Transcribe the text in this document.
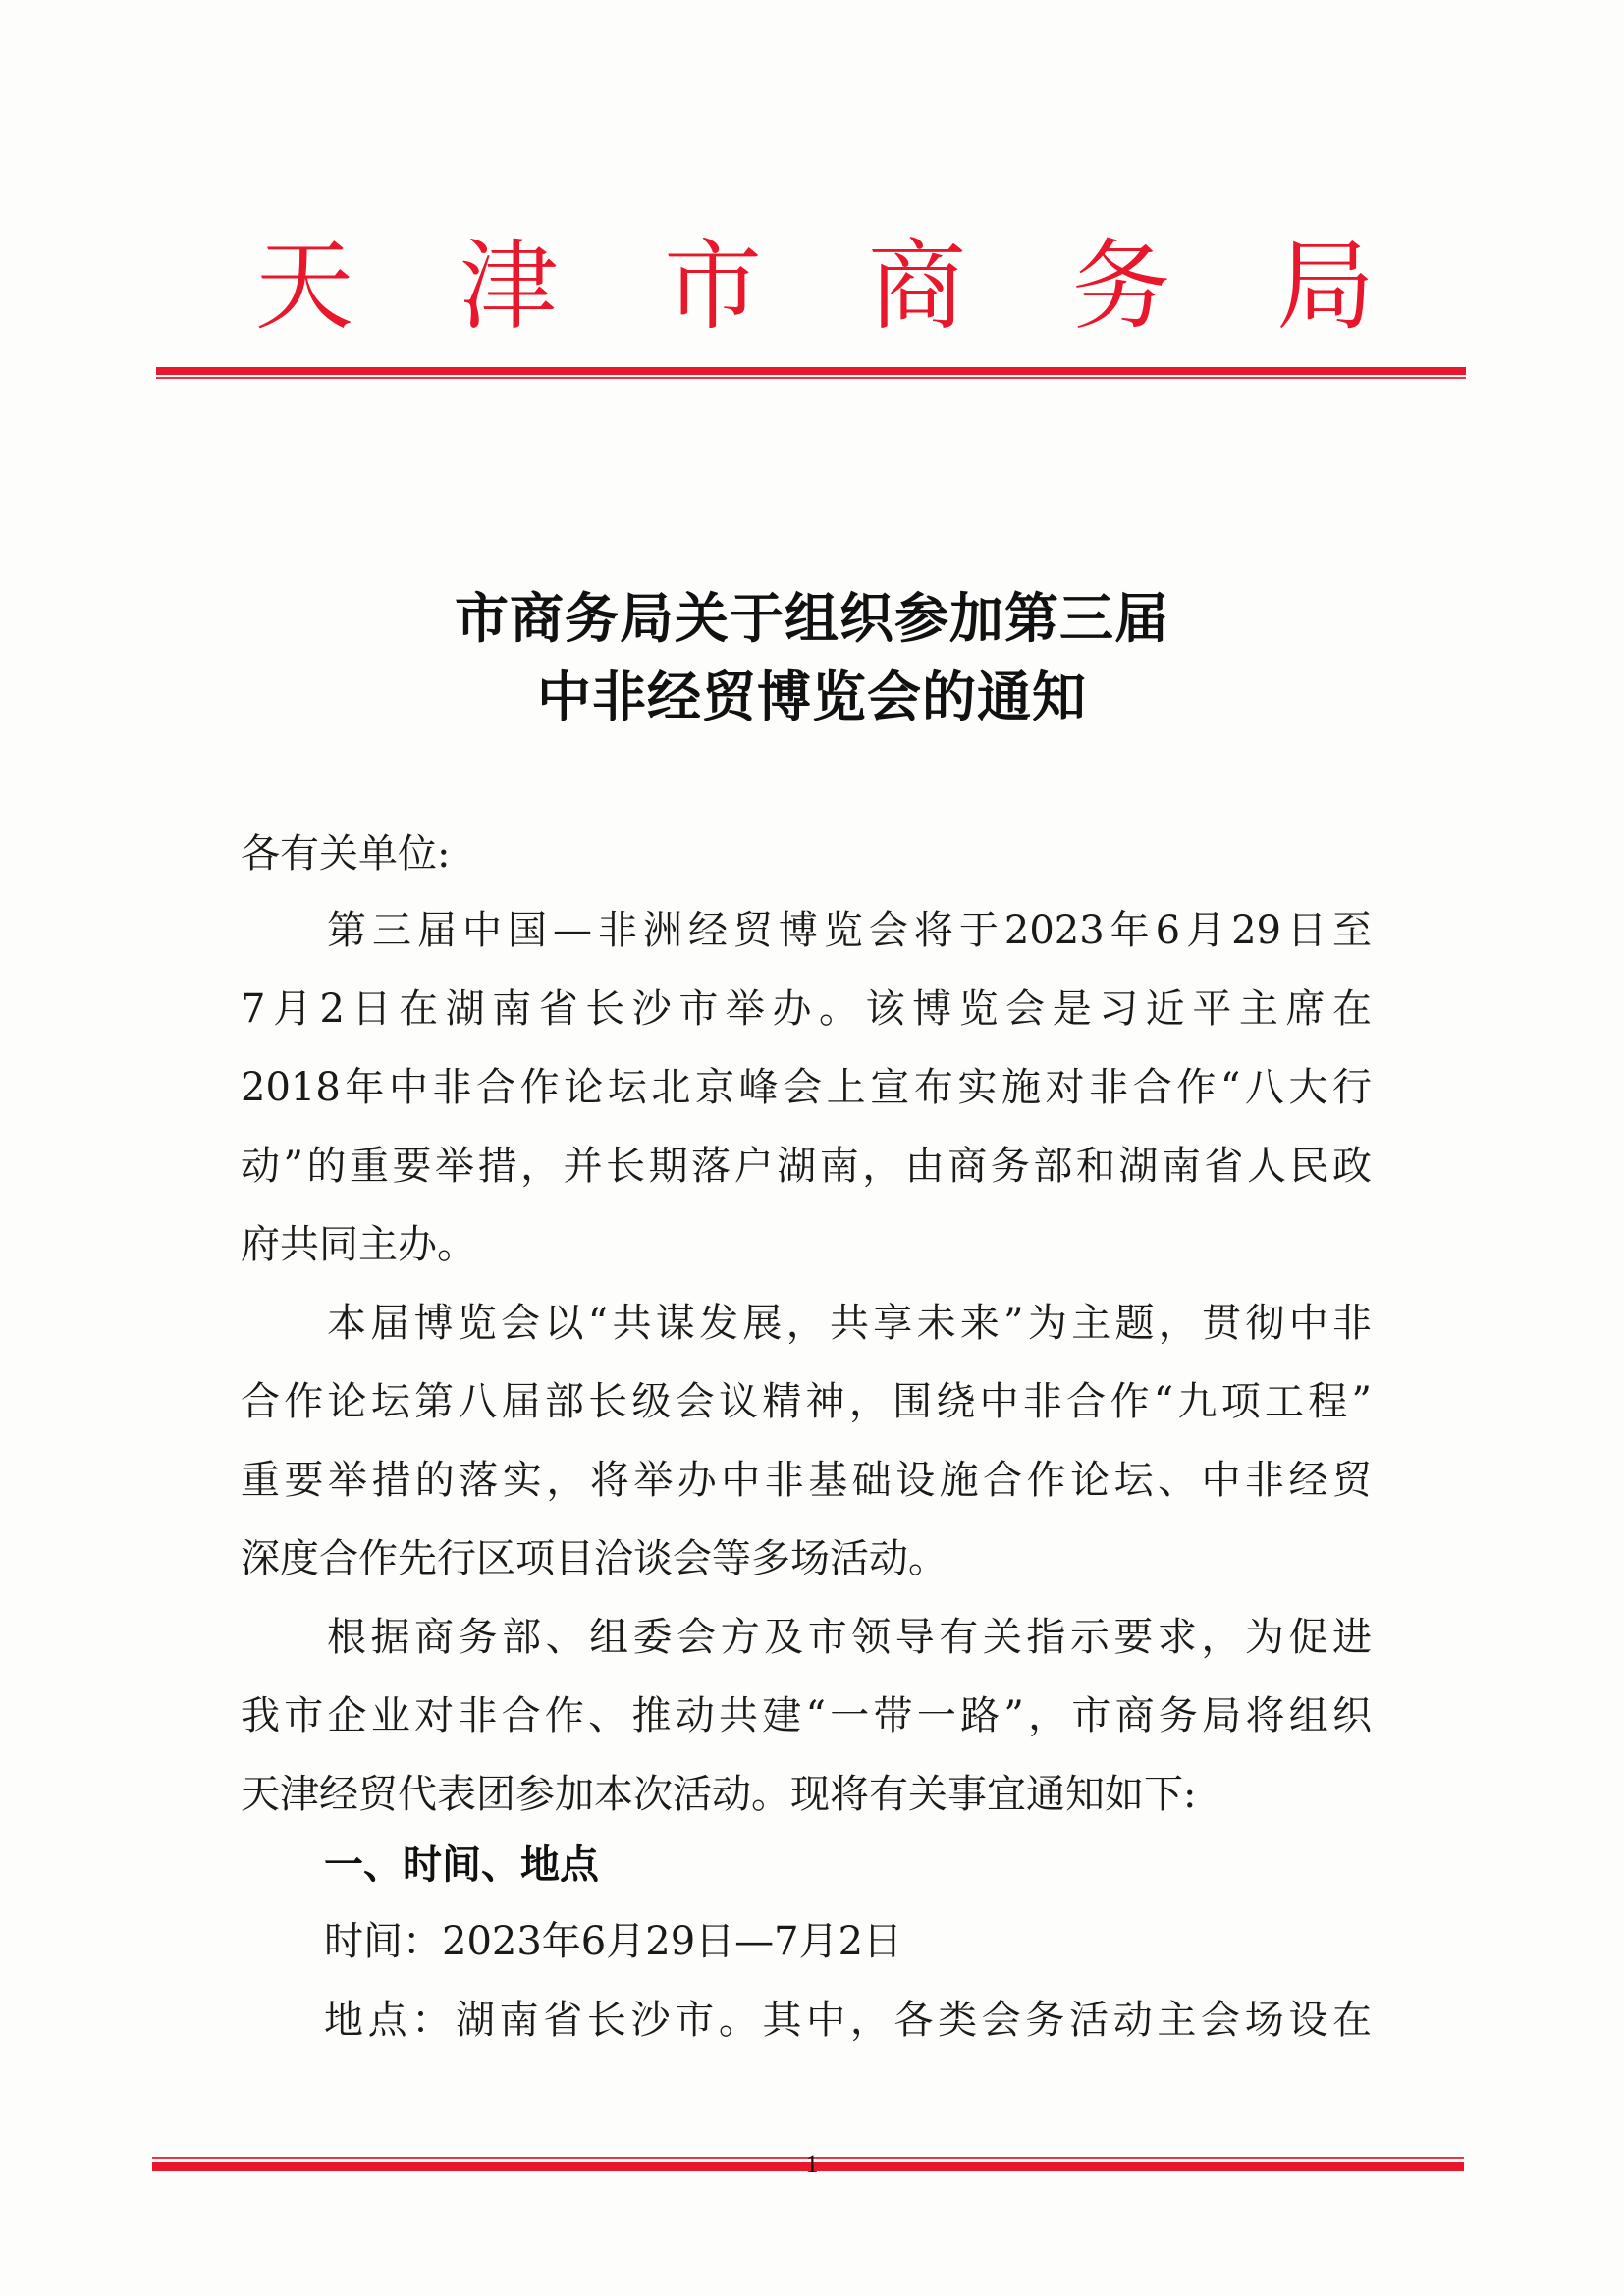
天 津 市 商 务 局
市商务局关于组织参加第三届
中非经贸博览会的通知
各有关单位:
第三届中国—非洲经贸博览会将于2023年6月29日至
7月2日在湖南省长沙市举办。该博览会是习近平主席在
2018年中非合作论坛北京峰会上宣布实施对非合作“八大行
动”的重要举措，并长期落户湖南，由商务部和湖南省人民政
府共同主办。
本届博览会以“共谋发展，共享未来”为主题，贯彻中非
合作论坛第八届部长级会议精神，围绕中非合作“九项工程”
重要举措的落实，将举办中非基础设施合作论坛、中非经贸
深度合作先行区项目洽谈会等多场活动。
根据商务部、组委会方及市领导有关指示要求，为促进
我市企业对非合作、推动共建“一带一路”，市商务局将组织
天津经贸代表团参加本次活动。现将有关事宜通知如下:
一、时间、地点
时间：2023年6月29日—7月2日
地点：湖南省长沙市。其中，各类会务活动主会场设在
1
